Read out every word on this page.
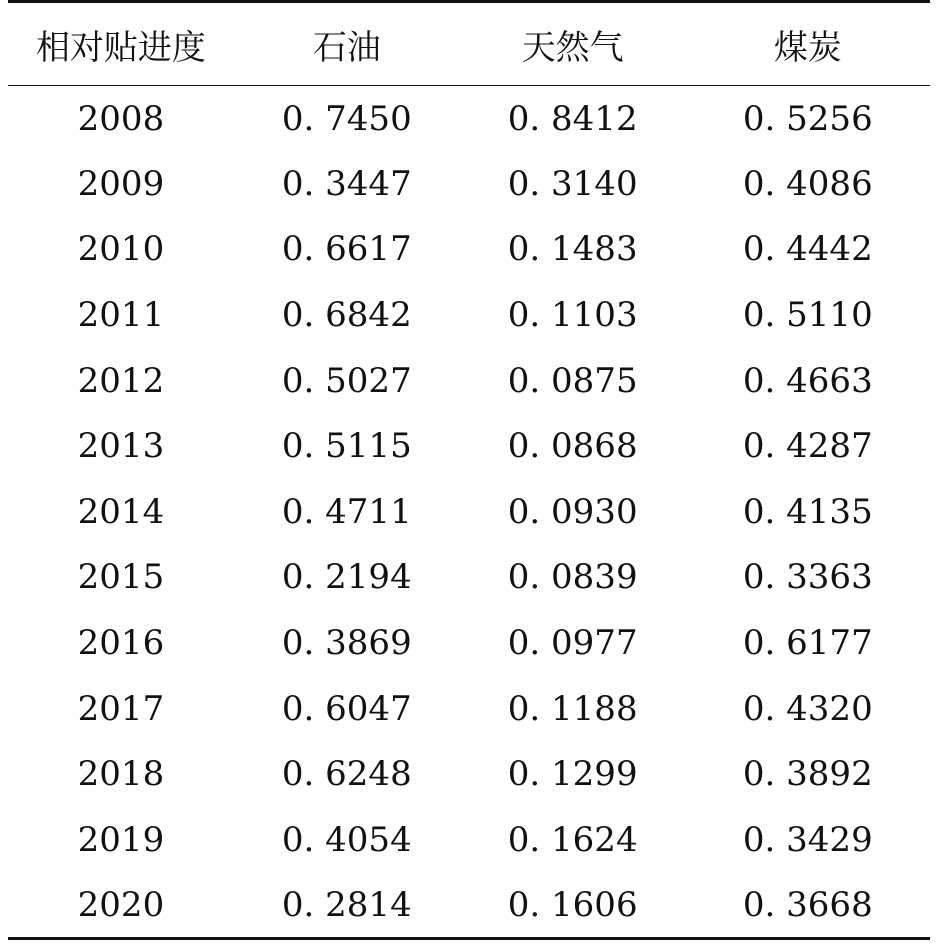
相对贴进度	石油	天然气	煤炭
2008	0. 7450	0. 8412	0. 5256
2009	0. 3447	0. 3140	0. 4086
2010	0. 6617	0. 1483	0. 4442
2011	0. 6842	0. 1103	0. 5110
2012	0. 5027	0. 0875	0. 4663
2013	0. 5115	0. 0868	0. 4287
2014	0. 4711	0. 0930	0. 4135
2015	0. 2194	0. 0839	0. 3363
2016	0. 3869	0. 0977	0. 6177
2017	0. 6047	0. 1188	0. 4320
2018	0. 6248	0. 1299	0. 3892
2019	0. 4054	0. 1624	0. 3429
2020	0. 2814	0. 1606	0. 3668
